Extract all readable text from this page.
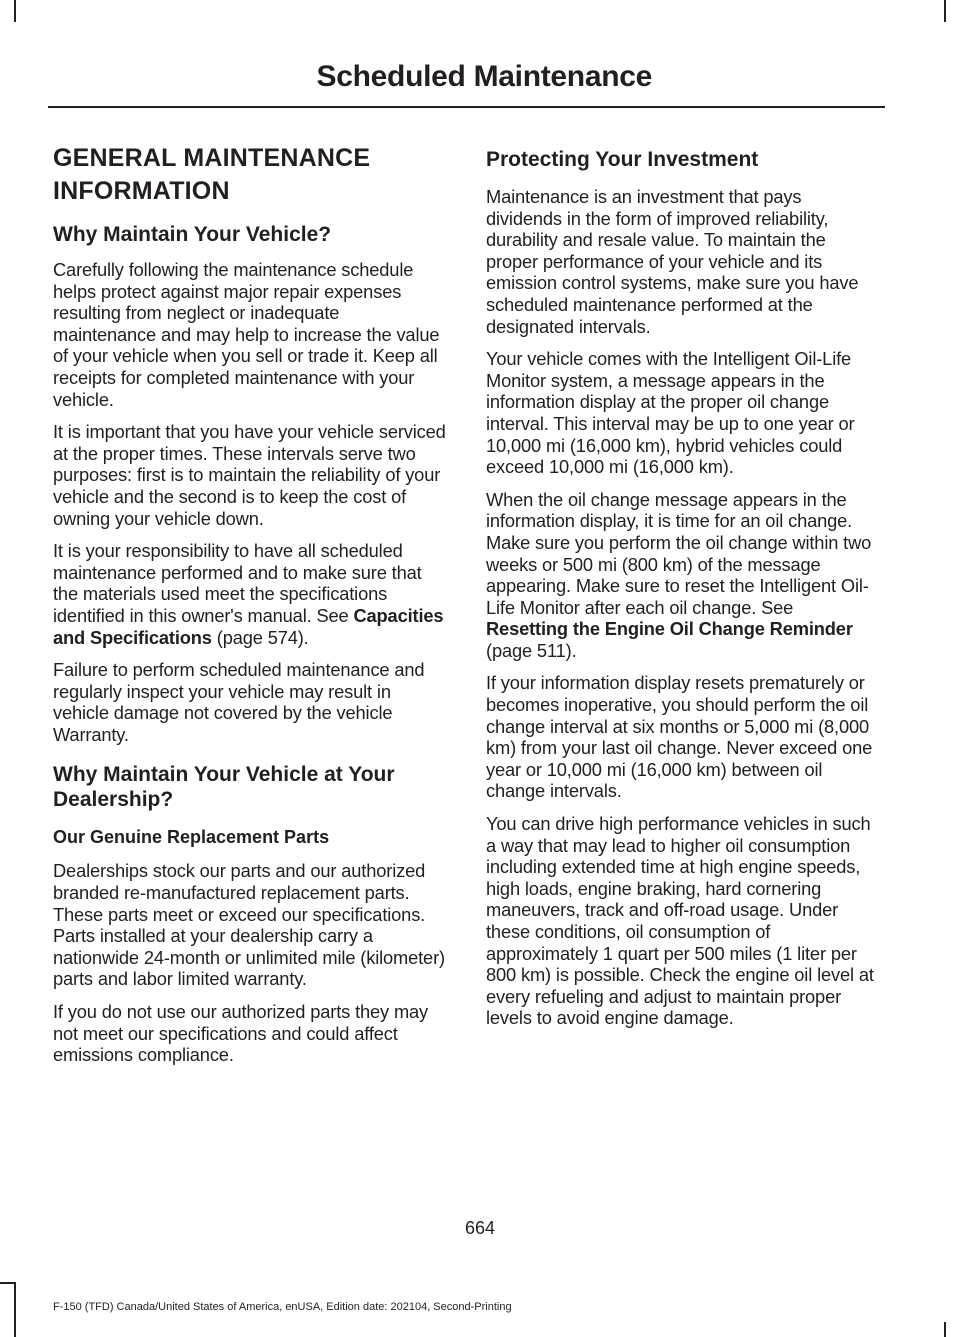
Scheduled Maintenance
GENERAL MAINTENANCE
INFORMATION
Why Maintain Your Vehicle?

Carefully following the maintenance schedule helps protect against major repair expenses resulting from neglect or inadequate maintenance and may help to increase the value of your vehicle when you sell or trade it. Keep all receipts for completed maintenance with your vehicle.

It is important that you have your vehicle serviced at the proper times. These intervals serve two purposes: first is to maintain the reliability of your vehicle and the second is to keep the cost of owning your vehicle down.

It is your responsibility to have all scheduled maintenance performed and to make sure that the materials used meet the specifications identified in this owner's manual. See Capacities and Specifications (page 574).

Failure to perform scheduled maintenance and regularly inspect your vehicle may result in vehicle damage not covered by the vehicle Warranty.

Why Maintain Your Vehicle at Your Dealership?
Our Genuine Replacement Parts

Dealerships stock our parts and our authorized branded re-manufactured replacement parts. These parts meet or exceed our specifications. Parts installed at your dealership carry a nationwide 24-month or unlimited mile (kilometer) parts and labor limited warranty.

If you do not use our authorized parts they may not meet our specifications and could affect emissions compliance.

Protecting Your Investment

Maintenance is an investment that pays dividends in the form of improved reliability, durability and resale value. To maintain the proper performance of your vehicle and its emission control systems, make sure you have scheduled maintenance performed at the designated intervals.

Your vehicle comes with the Intelligent Oil-Life Monitor system, a message appears in the information display at the proper oil change interval. This interval may be up to one year or 10,000 mi (16,000 km), hybrid vehicles could exceed 10,000 mi (16,000 km).

When the oil change message appears in the information display, it is time for an oil change. Make sure you perform the oil change within two weeks or 500 mi (800 km) of the message appearing. Make sure to reset the Intelligent Oil-Life Monitor after each oil change. See Resetting the Engine Oil Change Reminder (page 511).

If your information display resets prematurely or becomes inoperative, you should perform the oil change interval at six months or 5,000 mi (8,000 km) from your last oil change. Never exceed one year or 10,000 mi (16,000 km) between oil change intervals.

You can drive high performance vehicles in such a way that may lead to higher oil consumption including extended time at high engine speeds, high loads, engine braking, hard cornering maneuvers, track and off-road usage. Under these conditions, oil consumption of approximately 1 quart per 500 miles (1 liter per 800 km) is possible. Check the engine oil level at every refueling and adjust to maintain proper levels to avoid engine damage.

664
F-150 (TFD) Canada/United States of America, enUSA, Edition date: 202104, Second-Printing
